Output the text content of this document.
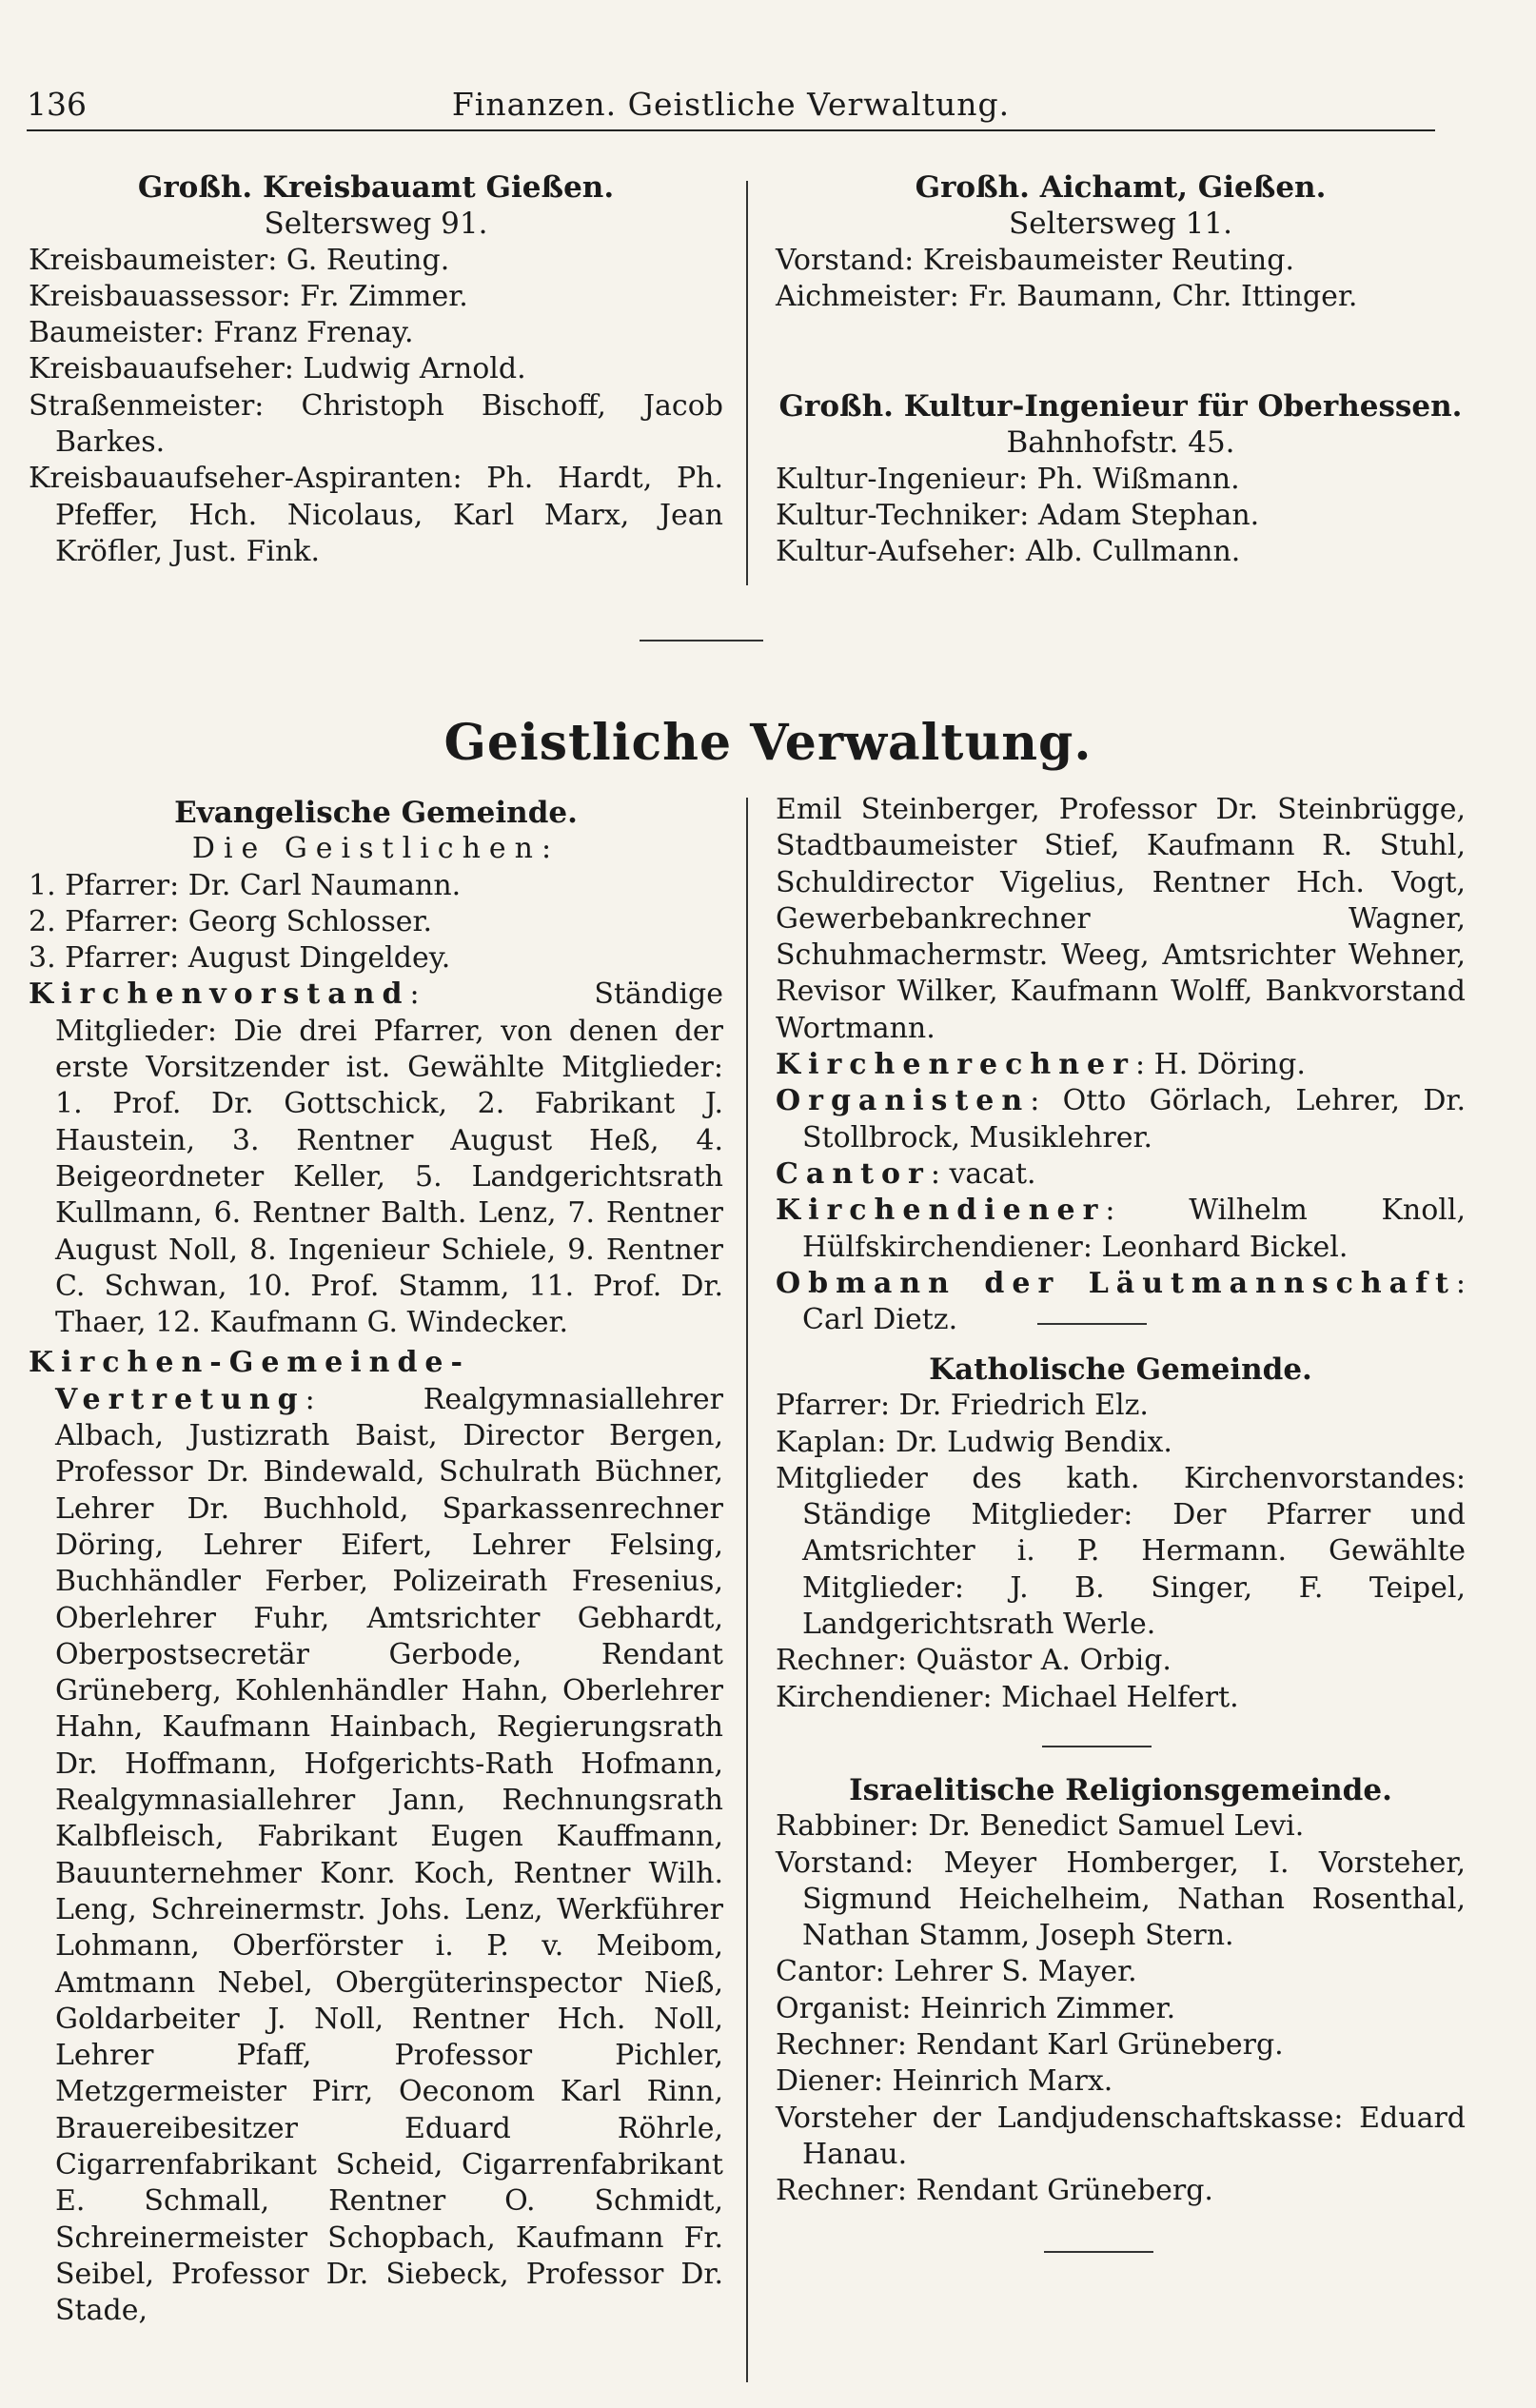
136	Finanzen. Geistliche Verwaltung.

Großh. Kreisbauamt Gießen.

Seltersweg 91.

Kreisbaumeister: G. Reuting.

Kreisbauassessor: Fr. Zimmer.

Baumeister: Franz Frenay.

Kreisbauaufseher: Ludwig Arnold.

Straßenmeister: Christoph Bischoff, Jacob Barkes.

Kreisbauaufseher-Aspiranten: Ph. Hardt, Ph. Pfeffer, Hch. Nicolaus, Karl Marx, Jean Kröfler, Just. Fink.

Großh. Aichamt, Gießen.

Seltersweg 11.

Vorstand: Kreisbaumeister Reuting.

Aichmeister: Fr. Baumann, Chr. Ittinger.

Großh. Kultur-Ingenieur für Oberhessen.

Bahnhofstr. 45.

Kultur-Ingenieur: Ph. Wißmann.

Kultur-Techniker: Adam Stephan.

Kultur-Aufseher: Alb. Cullmann.

Geistliche Verwaltung.

Evangelische Gemeinde.

Die Geistlichen:

1. Pfarrer: Dr. Carl Naumann.

2. Pfarrer: Georg Schlosser.

3. Pfarrer: August Dingeldey.

Kirchenvorstand: Ständige Mitglieder: Die drei Pfarrer, von denen der erste Vorsitzender ist. Gewählte Mitglieder: 1. Prof. Dr. Gottschick, 2. Fabrikant J. Haustein, 3. Rentner August Heß, 4. Beigeordneter Keller, 5. Landgerichtsrath Kullmann, 6. Rentner Balth. Lenz, 7. Rentner August Noll, 8. Ingenieur Schiele, 9. Rentner C. Schwan, 10. Prof. Stamm, 11. Prof. Dr. Thaer, 12. Kaufmann G. Windecker.

Kirchen-Gemeinde-Vertretung: Realgymnasiallehrer Albach, Justizrath Baist, Director Bergen, Professor Dr. Bindewald, Schulrath Büchner, Lehrer Dr. Buchhold, Sparkassenrechner Döring, Lehrer Eifert, Lehrer Felsing, Buchhändler Ferber, Polizeirath Fresenius, Oberlehrer Fuhr, Amtsrichter Gebhardt, Oberpostsecretär Gerbode, Rendant Grüneberg, Kohlenhändler Hahn, Oberlehrer Hahn, Kaufmann Hainbach, Regierungsrath Dr. Hoffmann, Hofgerichts-Rath Hofmann, Realgymnasiallehrer Jann, Rechnungsrath Kalbfleisch, Fabrikant Eugen Kauffmann, Bauunternehmer Konr. Koch, Rentner Wilh. Leng, Schreinermstr. Johs. Lenz, Werkführer Lohmann, Oberförster i. P. v. Meibom, Amtmann Nebel, Obergüterinspector Nieß, Goldarbeiter J. Noll, Rentner Hch. Noll, Lehrer Pfaff, Professor Pichler, Metzgermeister Pirr, Oeconom Karl Rinn, Brauereibesitzer Eduard Röhrle, Cigarrenfabrikant Scheid, Cigarrenfabrikant E. Schmall, Rentner O. Schmidt, Schreinermeister Schopbach, Kaufmann Fr. Seibel, Professor Dr. Siebeck, Professor Dr. Stade,

Emil Steinberger, Professor Dr. Steinbrügge, Stadtbaumeister Stief, Kaufmann R. Stuhl, Schuldirector Vigelius, Rentner Hch. Vogt, Gewerbebankrechner Wagner, Schuhmachermstr. Weeg, Amtsrichter Wehner, Revisor Wilker, Kaufmann Wolff, Bankvorstand Wortmann.

Kirchenrechner: H. Döring.

Organisten: Otto Görlach, Lehrer, Dr. Stollbrock, Musiklehrer.

Cantor: vacat.

Kirchendiener: Wilhelm Knoll, Hülfskirchendiener: Leonhard Bickel.

Obmann der Läutmannschaft: Carl Dietz.

Katholische Gemeinde.

Pfarrer: Dr. Friedrich Elz.

Kaplan: Dr. Ludwig Bendix.

Mitglieder des kath. Kirchenvorstandes: Ständige Mitglieder: Der Pfarrer und Amtsrichter i. P. Hermann. Gewählte Mitglieder: J. B. Singer, F. Teipel, Landgerichtsrath Werle.

Rechner: Quästor A. Orbig.

Kirchendiener: Michael Helfert.

Israelitische Religionsgemeinde.

Rabbiner: Dr. Benedict Samuel Levi.

Vorstand: Meyer Homberger, I. Vorsteher, Sigmund Heichelheim, Nathan Rosenthal, Nathan Stamm, Joseph Stern.

Cantor: Lehrer S. Mayer.

Organist: Heinrich Zimmer.

Rechner: Rendant Karl Grüneberg.

Diener: Heinrich Marx.

Vorsteher der Landjudenschaftskasse: Eduard Hanau.

Rechner: Rendant Grüneberg.
